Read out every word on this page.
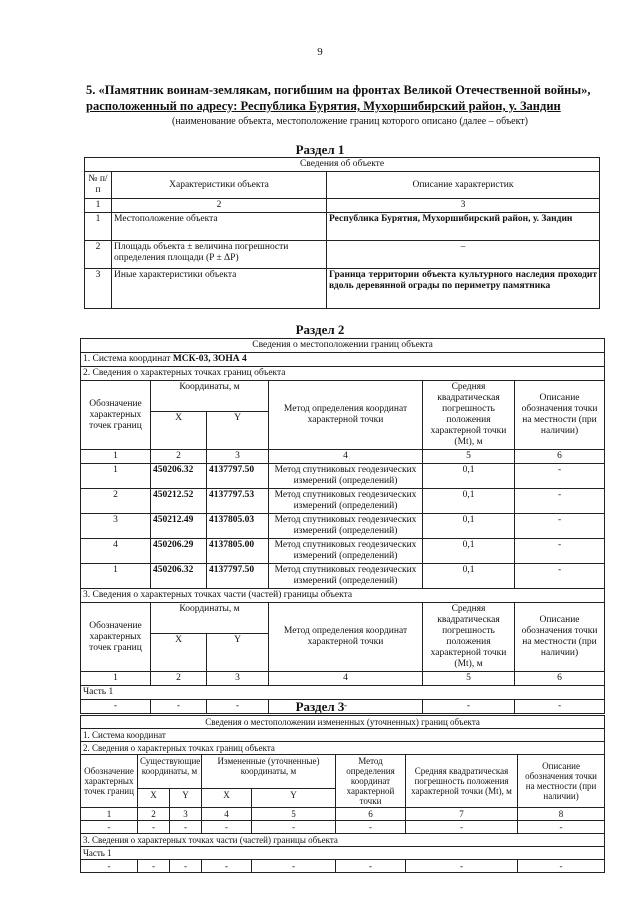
9
5. «Памятник воинам-землякам, погибшим на фронтах Великой Отечественной войны»,
расположенный по адресу: Республика Бурятия, Мухоршибирский район, у. Зандин
(наименование объекта, местоположение границ которого описано (далее – объект)
Раздел 1
Сведения об объекте		
№ п/п	Характеристики объекта	Описание характеристик
1	2	3
1	Местоположение объекта	Республика Бурятия, Мухоршибирский район, у. Зандин
2	Площадь объекта ± величина погрешности определения площади (P ± ΔP)	–
3	Иные характеристики объекта	Граница территории объекта культурного наследия проходит вдоль деревянной ограды по периметру памятника
Раздел 2
Сведения о местоположении границ объекта					
1. Система координат МСК-03, ЗОНА 4					
2. Сведения о характерных точках границ объекта					
Обозначение характерных точек границ	Координаты, м		Метод определения координат характерной точки	Средняя квадратическая погрешность положения характерной точки (Mt), м	Описание обозначения точки на местности (при наличии)
	X	Y			
1	2	3	4	5	6
1	450206.32	4137797.50	Метод спутниковых геодезических измерений (определений)	0,1	-
2	450212.52	4137797.53	Метод спутниковых геодезических измерений (определений)	0,1	-
3	450212.49	4137805.03	Метод спутниковых геодезических измерений (определений)	0,1	-
4	450206.29	4137805.00	Метод спутниковых геодезических измерений (определений)	0,1	-
1	450206.32	4137797.50	Метод спутниковых геодезических измерений (определений)	0,1	-
3. Сведения о характерных точках части (частей) границы объекта					
Обозначение характерных точек границ	Координаты, м		Метод определения координат характерной точки	Средняя квадратическая погрешность положения характерной точки (Mt), м	Описание обозначения точки на местности (при наличии)
	X	Y			
1	2	3	4	5	6
Часть 1					
-	-	-	-	-	-
Раздел 3
Сведения о местоположении измененных (уточненных) границ объекта							
1. Система координат							
2. Сведения о характерных точках границ объекта							
Обозначение характерных точек границ	Существующие координаты, м		Измененные (уточненные) координаты, м		Метод определения координат характерной точки	Средняя квадратическая погрешность положения характерной точки (Mt), м	Описание обозначения точки на местности (при наличии)
	X	Y	X	Y			
1	2	3	4	5	6	7	8
-	-	-	-	-	-	-	-
3. Сведения о характерных точках части (частей) границы объекта							
Часть 1							
-	-	-	-	-	-	-	-
